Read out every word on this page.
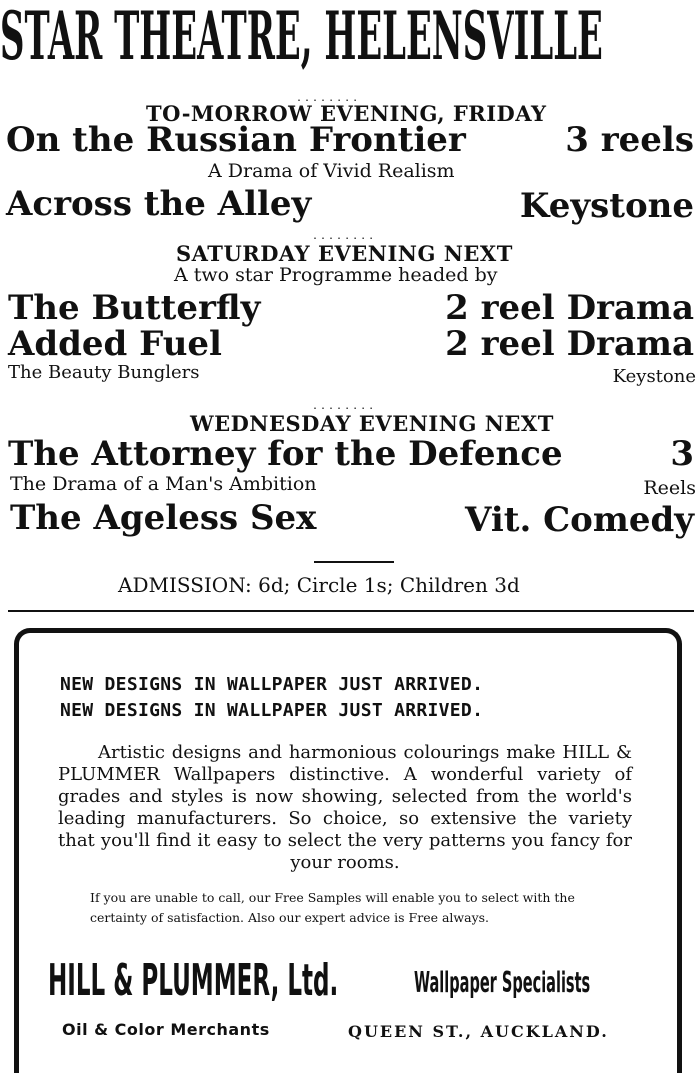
STAR THEATRE, HELENSVILLE
........
TO-MORROW EVENING, FRIDAY
On the Russian Frontier	3 reels
A Drama of Vivid Realism
Across the Alley	Keystone
........
SATURDAY EVENING NEXT
A two star Programme headed by
The Butterfly	2 reel Drama
Added Fuel	2 reel Drama
The Beauty Bunglers	Keystone
........
WEDNESDAY EVENING NEXT
The Attorney for the Defence	3
The Drama of a Man's Ambition	Reels
The Ageless Sex	Vit. Comedy
ADMISSION: 6d; Circle 1s; Children 3d
NEW DESIGNS IN WALLPAPER JUST ARRIVED.
NEW DESIGNS IN WALLPAPER JUST ARRIVED.
Artistic designs and harmonious colourings make HILL & PLUMMER Wallpapers distinctive. A wonderful variety of grades and styles is now showing, selected from the world's leading manufacturers. So choice, so extensive the variety that you'll find it easy to select the very patterns you fancy for your rooms.
If you are unable to call, our Free Samples will enable you to select with the certainty of satisfaction. Also our expert advice is Free always.
HILL & PLUMMER, Ltd.	Wallpaper Specialists
Oil & Color Merchants	QUEEN ST., AUCKLAND.
